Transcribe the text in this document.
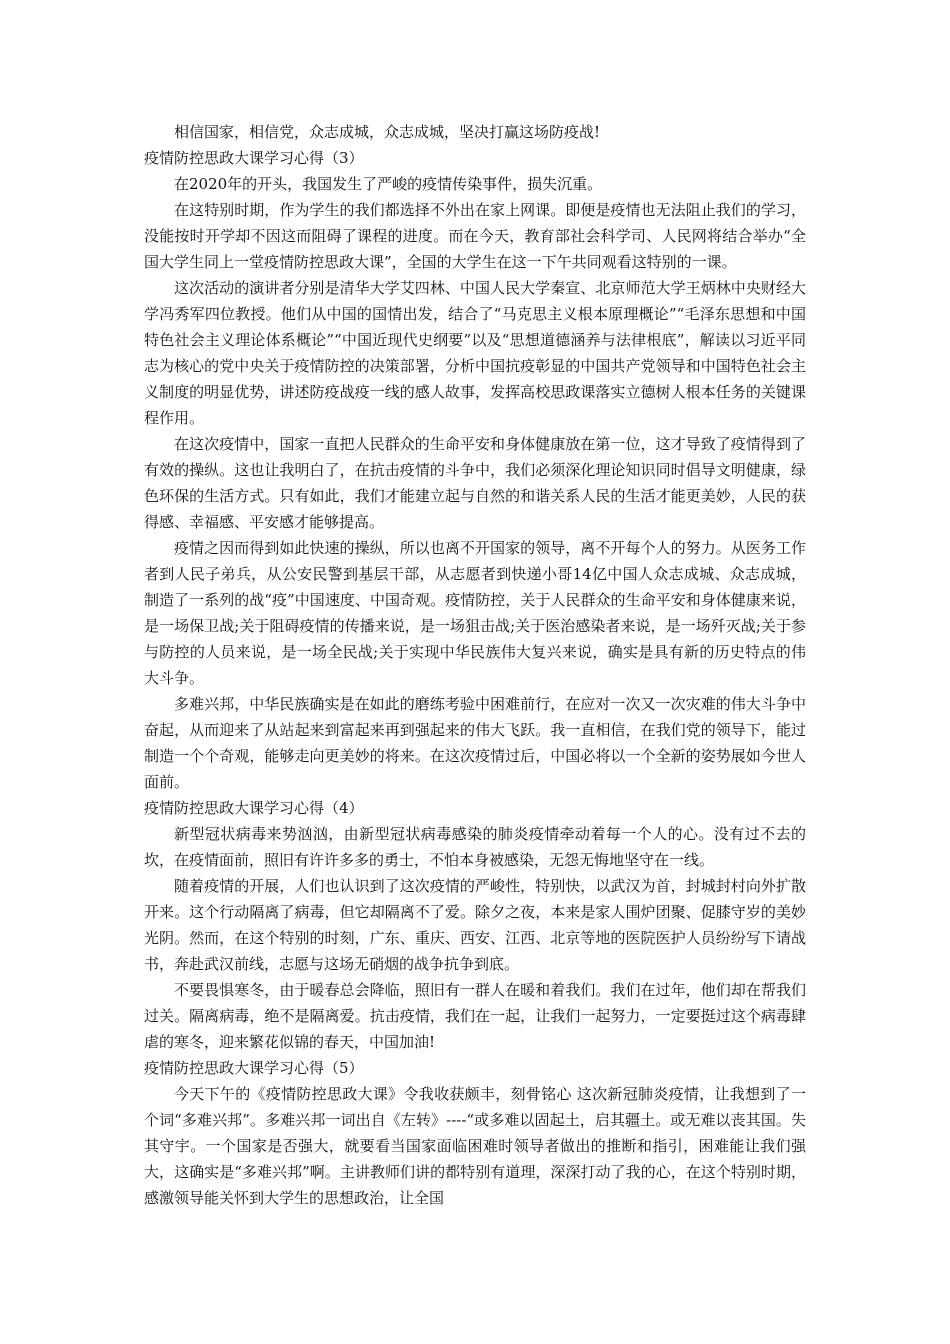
相信国家，相信党，众志成城，众志成城，坚决打赢这场防疫战!

疫情防控思政大课学习心得（3）

在2020年的开头，我国发生了严峻的疫情传染事件，损失沉重。

在这特别时期，作为学生的我们都选择不外出在家上网课。即便是疫情也无法阻止我们的学习，没能按时开学却不因这而阻碍了课程的进度。而在今天，教育部社会科学司、人民网将结合举办“全国大学生同上一堂疫情防控思政大课”，全国的大学生在这一下午共同观看这特别的一课。

这次活动的演讲者分别是清华大学艾四林、中国人民大学秦宣、北京师范大学王炳林中央财经大学冯秀军四位教授。他们从中国的国情出发，结合了“马克思主义根本原理概论”“毛泽东思想和中国特色社会主义理论体系概论”“中国近现代史纲要”以及“思想道德涵养与法律根底”，解读以习近平同志为核心的党中央关于疫情防控的决策部署，分析中国抗疫彰显的中国共产党领导和中国特色社会主义制度的明显优势，讲述防疫战疫一线的感人故事，发挥高校思政课落实立德树人根本任务的关键课程作用。

在这次疫情中，国家一直把人民群众的生命平安和身体健康放在第一位，这才导致了疫情得到了有效的操纵。这也让我明白了，在抗击疫情的斗争中，我们必须深化理论知识同时倡导文明健康，绿色环保的生活方式。只有如此，我们才能建立起与自然的和谐关系人民的生活才能更美妙，人民的获得感、幸福感、平安感才能够提高。

疫情之因而得到如此快速的操纵，所以也离不开国家的领导，离不开每个人的努力。从医务工作者到人民子弟兵，从公安民警到基层干部，从志愿者到快递小哥14亿中国人众志成城、众志成城，制造了一系列的战“疫”中国速度、中国奇观。疫情防控，关于人民群众的生命平安和身体健康来说，是一场保卫战;关于阻碍疫情的传播来说，是一场狙击战;关于医治感染者来说，是一场歼灭战;关于参与防控的人员来说，是一场全民战;关于实现中华民族伟大复兴来说，确实是具有新的历史特点的伟大斗争。

多难兴邦，中华民族确实是在如此的磨练考验中困难前行，在应对一次又一次灾难的伟大斗争中奋起，从而迎来了从站起来到富起来再到强起来的伟大飞跃。我一直相信，在我们党的领导下，能过制造一个个奇观，能够走向更美妙的将来。在这次疫情过后，中国必将以一个全新的姿势展如今世人面前。

疫情防控思政大课学习心得（4）

新型冠状病毒来势汹汹，由新型冠状病毒感染的肺炎疫情牵动着每一个人的心。没有过不去的坎，在疫情面前，照旧有许许多多的勇士，不怕本身被感染，无怨无悔地坚守在一线。

随着疫情的开展，人们也认识到了这次疫情的严峻性，特别快，以武汉为首，封城封村向外扩散开来。这个行动隔离了病毒，但它却隔离不了爱。除夕之夜，本来是家人围炉团聚、促膝守岁的美妙光阴。然而，在这个特别的时刻，广东、重庆、西安、江西、北京等地的医院医护人员纷纷写下请战书，奔赴武汉前线，志愿与这场无硝烟的战争抗争到底。

不要畏惧寒冬，由于暖春总会降临，照旧有一群人在暖和着我们。我们在过年，他们却在帮我们过关。隔离病毒，绝不是隔离爱。抗击疫情，我们在一起，让我们一起努力，一定要挺过这个病毒肆虐的寒冬，迎来繁花似锦的春天，中国加油!

疫情防控思政大课学习心得（5）

今天下午的《疫情防控思政大课》令我收获颇丰，刻骨铭心 这次新冠肺炎疫情，让我想到了一个词“多难兴邦”。多难兴邦一词出自《左转》----“或多难以固起土，启其疆土。或无难以丧其国。失其守宇。一个国家是否强大，就要看当国家面临困难时领导者做出的推断和指引，困难能让我们强大，这确实是“多难兴邦”啊。主讲教师们讲的都特别有道理，深深打动了我的心，在这个特别时期，感激领导能关怀到大学生的思想政治，让全国
